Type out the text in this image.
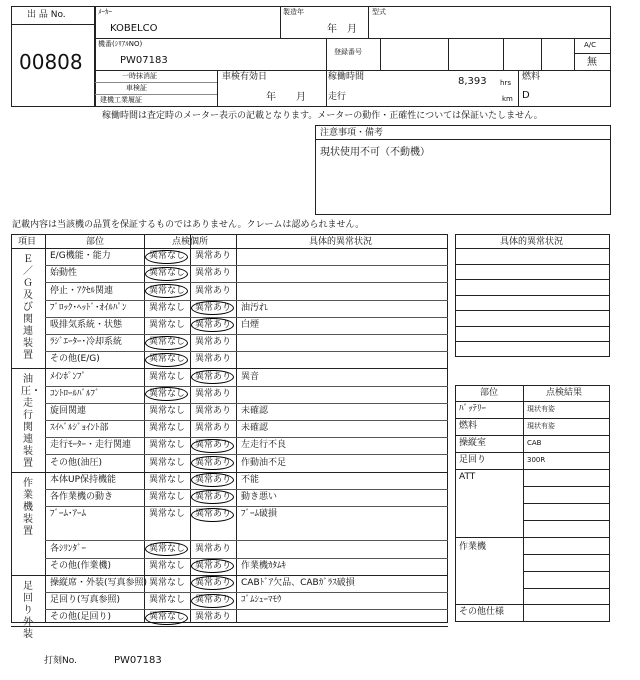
出 品 No.
00808
ﾒｰｶｰ
KOBELCO
製造年
年　月
型式
機番(ｼﾘｱﾙNO)
PW07183
登録番号
A/C
無
一時抹消証
車検証
建機工業履証
車検有効日
年　　月
稼働時間	8,393 hrs
走行	km
燃料
D
稼働時間は査定時のメーター表示の記載となります。メーターの動作・正確性については保証いたしません。
注意事項・備考
現状使用不可（不動機）
記載内容は当該機の品質を保証するものではありません。クレームは認められません。
項目	部位	点検個所	具体的異常状況
E/G機能・能力	異常なし 異常あり
始動性	異常なし 異常あり
停止・ｱｸｾﾙ関連	異常なし 異常あり
ﾌﾞﾛｯｸ･ﾍｯﾄﾞ･ｵｲﾙﾊﾟﾝ 異常なし 異常あり 油汚れ
吸排気系統・状態	異常なし 異常あり 白煙
ﾗｼﾞｴｰﾀｰ･冷却系統	異常なし 異常あり
その他(E/G)	異常なし 異常あり
Ｅ／Ｇ及び関連装置
ﾒｲﾝﾎﾟﾝﾌﾟ	異常なし 異常あり 異音
ｺﾝﾄﾛｰﾙﾊﾞﾙﾌﾞ	異常なし 異常あり
旋回関連	異常なし 異常あり 未確認
ｽｲﾍﾞﾙｼﾞｮｲﾝﾄ部	異常なし 異常あり 未確認
走行ﾓｰﾀｰ・走行関連 異常なし 異常あり 左走行不良
その他(油圧)	異常なし 異常あり 作動油不足
油圧・走行関連装置
本体UP保持機能	異常なし 異常あり 不能
各作業機の動き	異常なし 異常あり 動き悪い
ﾌﾞｰﾑ･ｱｰﾑ	異常なし 異常あり ﾌﾞｰﾑ破損
各ｼﾘﾝﾀﾞｰ	異常なし 異常あり
その他(作業機)	異常なし 異常あり 作業機ｶﾀﾑｷ
作業機装置
操縦席・外装(写真参照) 異常なし 異常あり CABﾄﾞｱ欠品、CABｶﾞﾗｽ破損
足回り(写真参照)	異常なし 異常あり ｺﾞﾑｼｭｰﾏﾓｳ
その他(足回り)	異常なし 異常あり
足回り外装
具体的異常状況
部位	点検結果
ﾊﾞｯﾃﾘｰ	現状有姿
燃料	現状有姿
操縦室	CAB
足回り	300R
ATT
作業機
その他仕様
打刻No.	PW07183
